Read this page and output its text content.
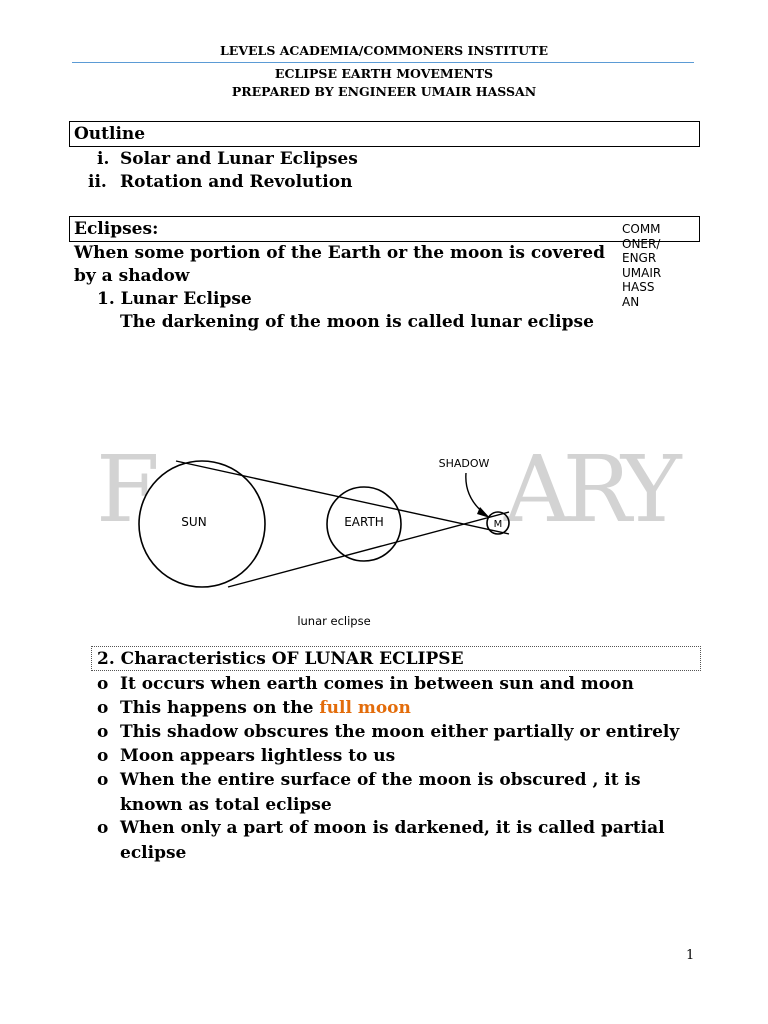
LEVELS ACADEMIA/COMMONERS INSTITUTE
ECLIPSE EARTH MOVEMENTS
PREPARED BY ENGINEER UMAIR HASSAN
Outline
i. Solar and Lunar Eclipses
ii. Rotation and Revolution
Eclipses:
When some portion of the Earth or the moon is covered
by a shadow
1. Lunar Eclipse
The darkening of the moon is called lunar eclipse
COMMONER/ENGR UMAIR HASSAN
F	ARY
SUN	EARTH	M
SHADOW
lunar eclipse
2. Characteristics OF LUNAR ECLIPSE
o It occurs when earth comes in between sun and moon
o This happens on the full moon
o This shadow obscures the moon either partially or entirely
o Moon appears lightless to us
o When the entire surface of the moon is obscured , it is
known as total eclipse
o When only a part of moon is darkened, it is called partial
eclipse
1
